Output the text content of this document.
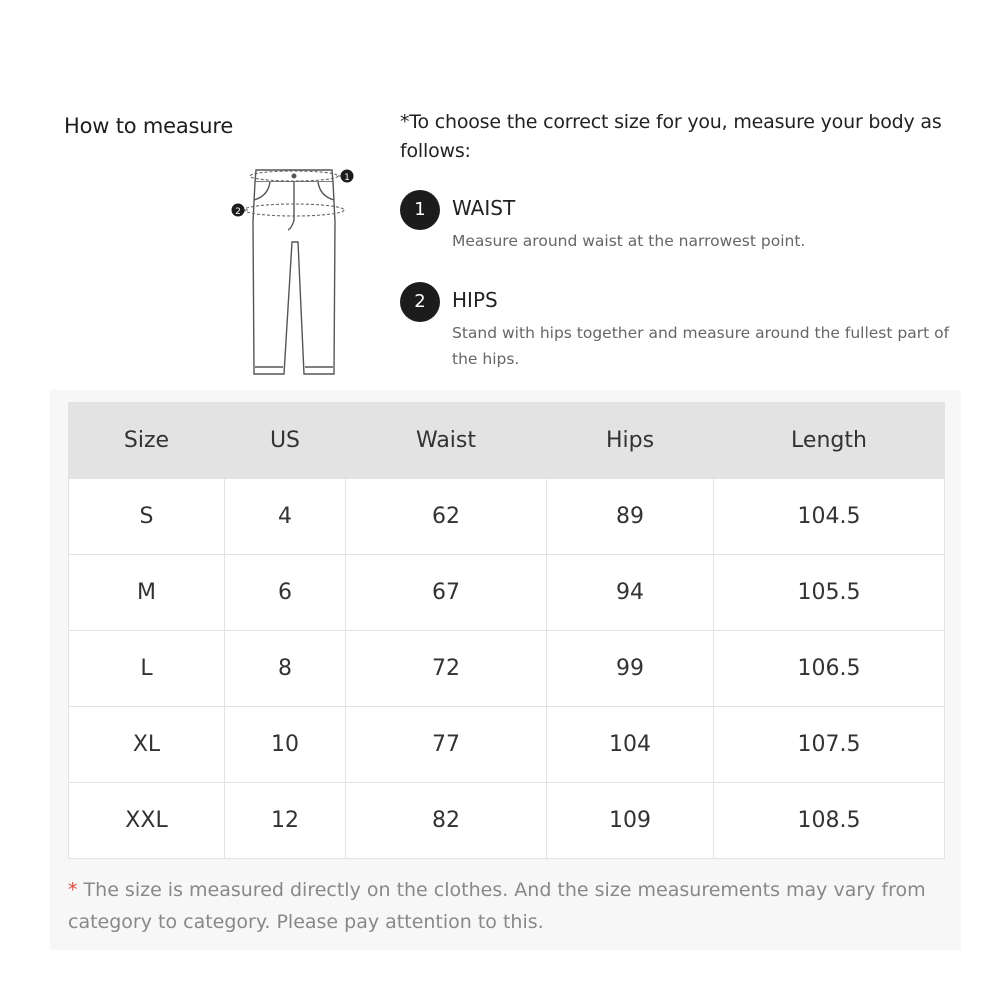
How to measure
1
2
*To choose the correct size for you, measure your body as follows:
1	WAIST
Measure around waist at the narrowest point.
2	HIPS
Stand with hips together and measure around the fullest part of the hips.
Size	US	Waist	Hips	Length
S	4	62	89	104.5
M	6	67	94	105.5
L	8	72	99	106.5
XL	10	77	104	107.5
XXL	12	82	109	108.5
* The size is measured directly on the clothes. And the size measurements may vary from category to category. Please pay attention to this.
